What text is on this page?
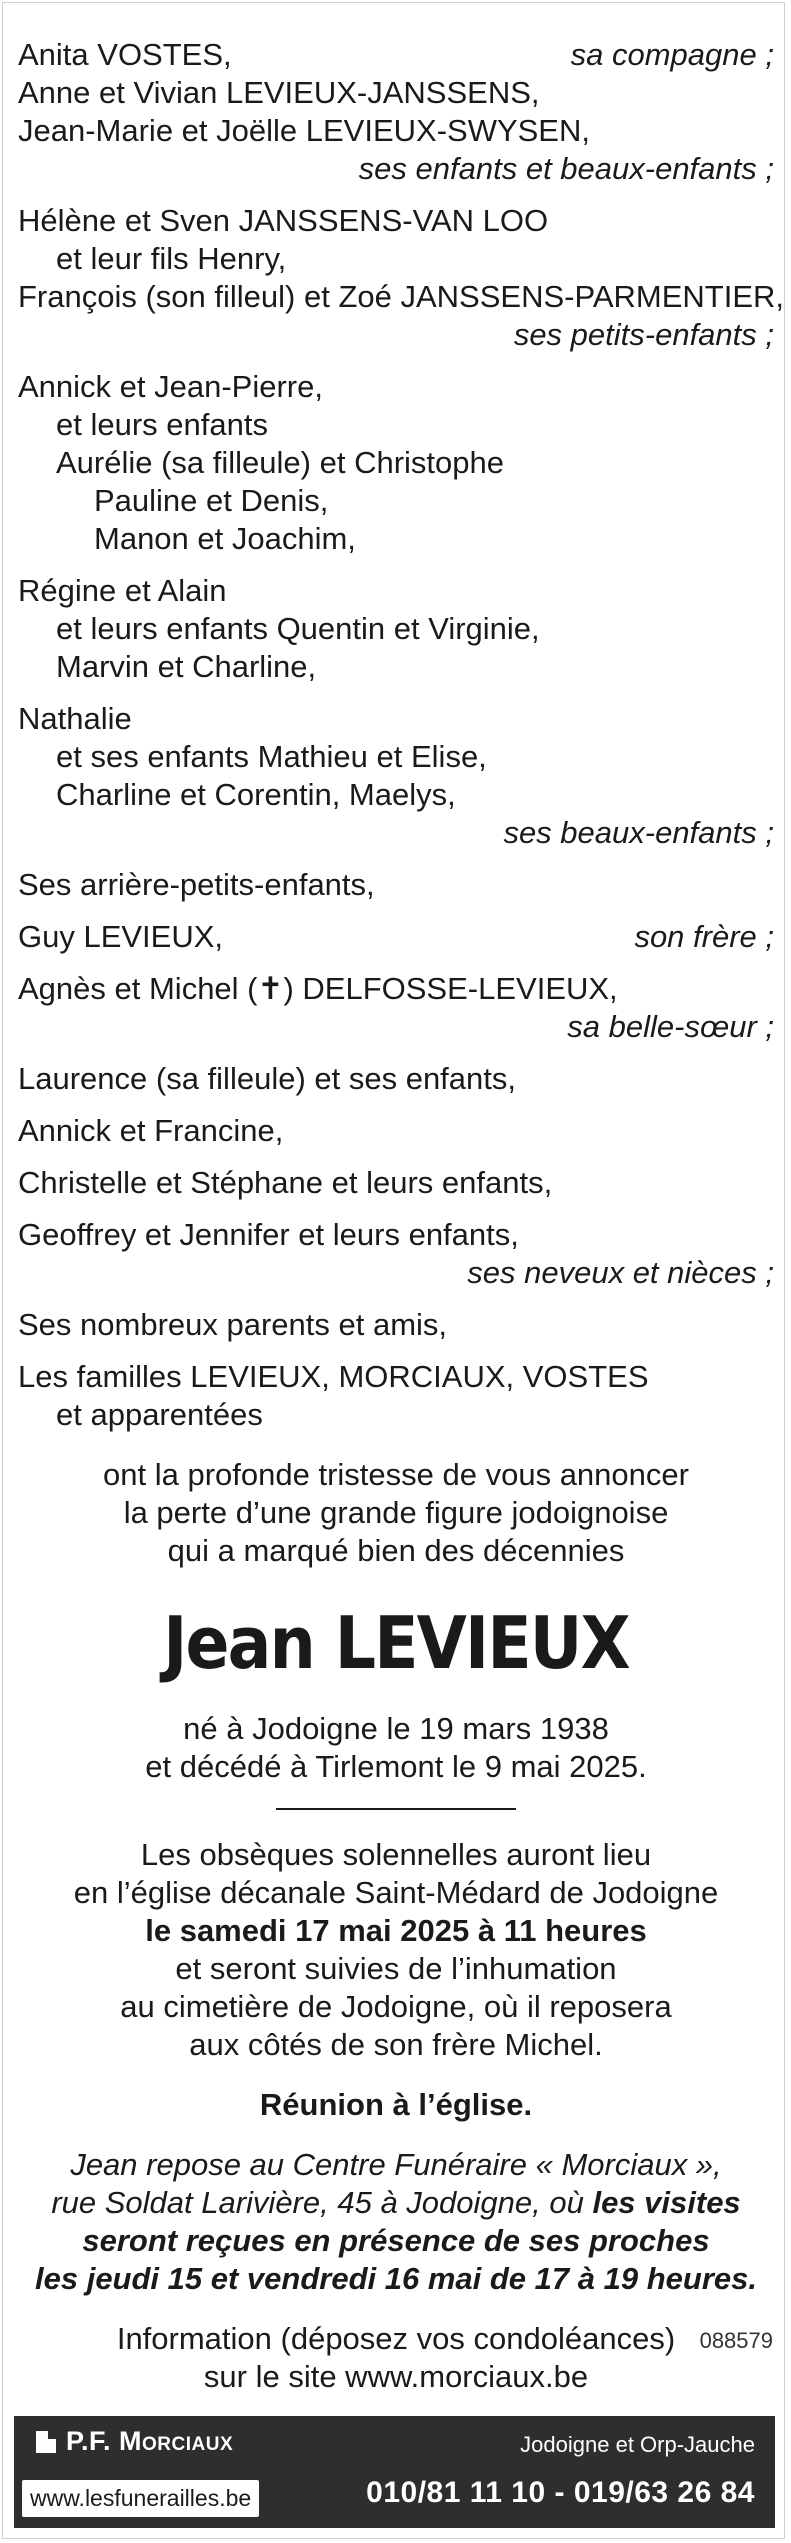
Anita VOSTES,	sa compagne ;
Anne et Vivian LEVIEUX-JANSSENS,
Jean-Marie et Joëlle LEVIEUX-SWYSEN,
ses enfants et beaux-enfants ;
Hélène et Sven JANSSENS-VAN LOO
et leur fils Henry,
François (son filleul) et Zoé JANSSENS-PARMENTIER,
ses petits-enfants ;
Annick et Jean-Pierre,
et leurs enfants
Aurélie (sa filleule) et Christophe
Pauline et Denis,
Manon et Joachim,
Régine et Alain
et leurs enfants Quentin et Virginie,
Marvin et Charline,
Nathalie
et ses enfants Mathieu et Elise,
Charline et Corentin, Maelys,
ses beaux-enfants ;
Ses arrière-petits-enfants,
Guy LEVIEUX,	son frère ;
Agnès et Michel (✝) DELFOSSE-LEVIEUX,
sa belle-sœur ;
Laurence (sa filleule) et ses enfants,
Annick et Francine,
Christelle et Stéphane et leurs enfants,
Geoffrey et Jennifer et leurs enfants,
ses neveux et nièces ;
Ses nombreux parents et amis,
Les familles LEVIEUX, MORCIAUX, VOSTES
et apparentées
ont la profonde tristesse de vous annoncer
la perte d’une grande figure jodoignoise
qui a marqué bien des décennies
Jean LEVIEUX
né à Jodoigne le 19 mars 1938
et décédé à Tirlemont le 9 mai 2025.
Les obsèques solennelles auront lieu
en l’église décanale Saint-Médard de Jodoigne
le samedi 17 mai 2025 à 11 heures
et seront suivies de l’inhumation
au cimetière de Jodoigne, où il reposera
aux côtés de son frère Michel.
Réunion à l’église.
Jean repose au Centre Funéraire « Morciaux »,
rue Soldat Larivière, 45 à Jodoigne, où les visites
seront reçues en présence de ses proches
les jeudi 15 et vendredi 16 mai de 17 à 19 heures.
Information (déposez vos condoléances)
sur le site www.morciaux.be
088579
P.F. Morciaux	Jodoigne et Orp-Jauche
www.lesfunerailles.be	010/81 11 10 - 019/63 26 84
